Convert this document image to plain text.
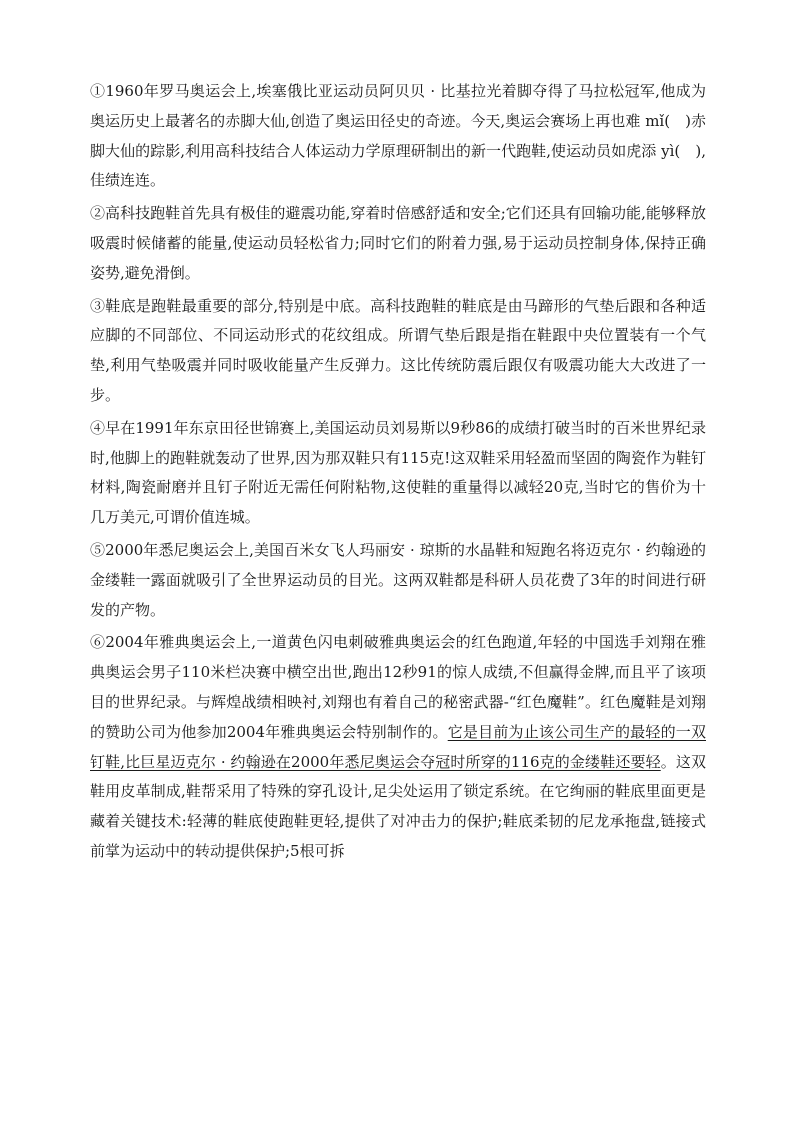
①1960年罗马奥运会上,埃塞俄比亚运动员阿贝贝 · 比基拉光着脚夺得了马拉松冠军,他成为奥运历史上最著名的赤脚大仙,创造了奥运田径史的奇迹。今天,奥运会赛场上再也难 mǐ(　)赤脚大仙的踪影,利用高科技结合人体运动力学原理研制出的新一代跑鞋,使运动员如虎添 yì(　),佳绩连连。

②高科技跑鞋首先具有极佳的避震功能,穿着时倍感舒适和安全;它们还具有回输功能,能够释放吸震时候储蓄的能量,使运动员轻松省力;同时它们的附着力强,易于运动员控制身体,保持正确姿势,避免滑倒。

③鞋底是跑鞋最重要的部分,特别是中底。高科技跑鞋的鞋底是由马蹄形的气垫后跟和各种适应脚的不同部位、不同运动形式的花纹组成。所谓气垫后跟是指在鞋跟中央位置装有一个气垫,利用气垫吸震并同时吸收能量产生反弹力。这比传统防震后跟仅有吸震功能大大改进了一步。

④早在1991年东京田径世锦赛上,美国运动员刘易斯以9秒86的成绩打破当时的百米世界纪录时,他脚上的跑鞋就轰动了世界,因为那双鞋只有115克!这双鞋采用轻盈而坚固的陶瓷作为鞋钉材料,陶瓷耐磨并且钉子附近无需任何附粘物,这使鞋的重量得以减轻20克,当时它的售价为十几万美元,可谓价值连城。

⑤2000年悉尼奥运会上,美国百米女飞人玛丽安 · 琼斯的水晶鞋和短跑名将迈克尔 · 约翰逊的金缕鞋一露面就吸引了全世界运动员的目光。这两双鞋都是科研人员花费了3年的时间进行研发的产物。

⑥2004年雅典奥运会上,一道黄色闪电刺破雅典奥运会的红色跑道,年轻的中国选手刘翔在雅典奥运会男子110米栏决赛中横空出世,跑出12秒91的惊人成绩,不但赢得金牌,而且平了该项目的世界纪录。与辉煌战绩相映衬,刘翔也有着自己的秘密武器-“红色魔鞋”。红色魔鞋是刘翔的赞助公司为他参加2004年雅典奥运会特别制作的。它是目前为止该公司生产的最轻的一双钉鞋,比巨星迈克尔 · 约翰逊在2000年悉尼奥运会夺冠时所穿的116克的金缕鞋还要轻。这双鞋用皮革制成,鞋帮采用了特殊的穿孔设计,足尖处运用了锁定系统。在它绚丽的鞋底里面更是藏着关键技术:轻薄的鞋底使跑鞋更轻,提供了对冲击力的保护;鞋底柔韧的尼龙承拖盘,链接式前掌为运动中的转动提供保护;5根可拆
